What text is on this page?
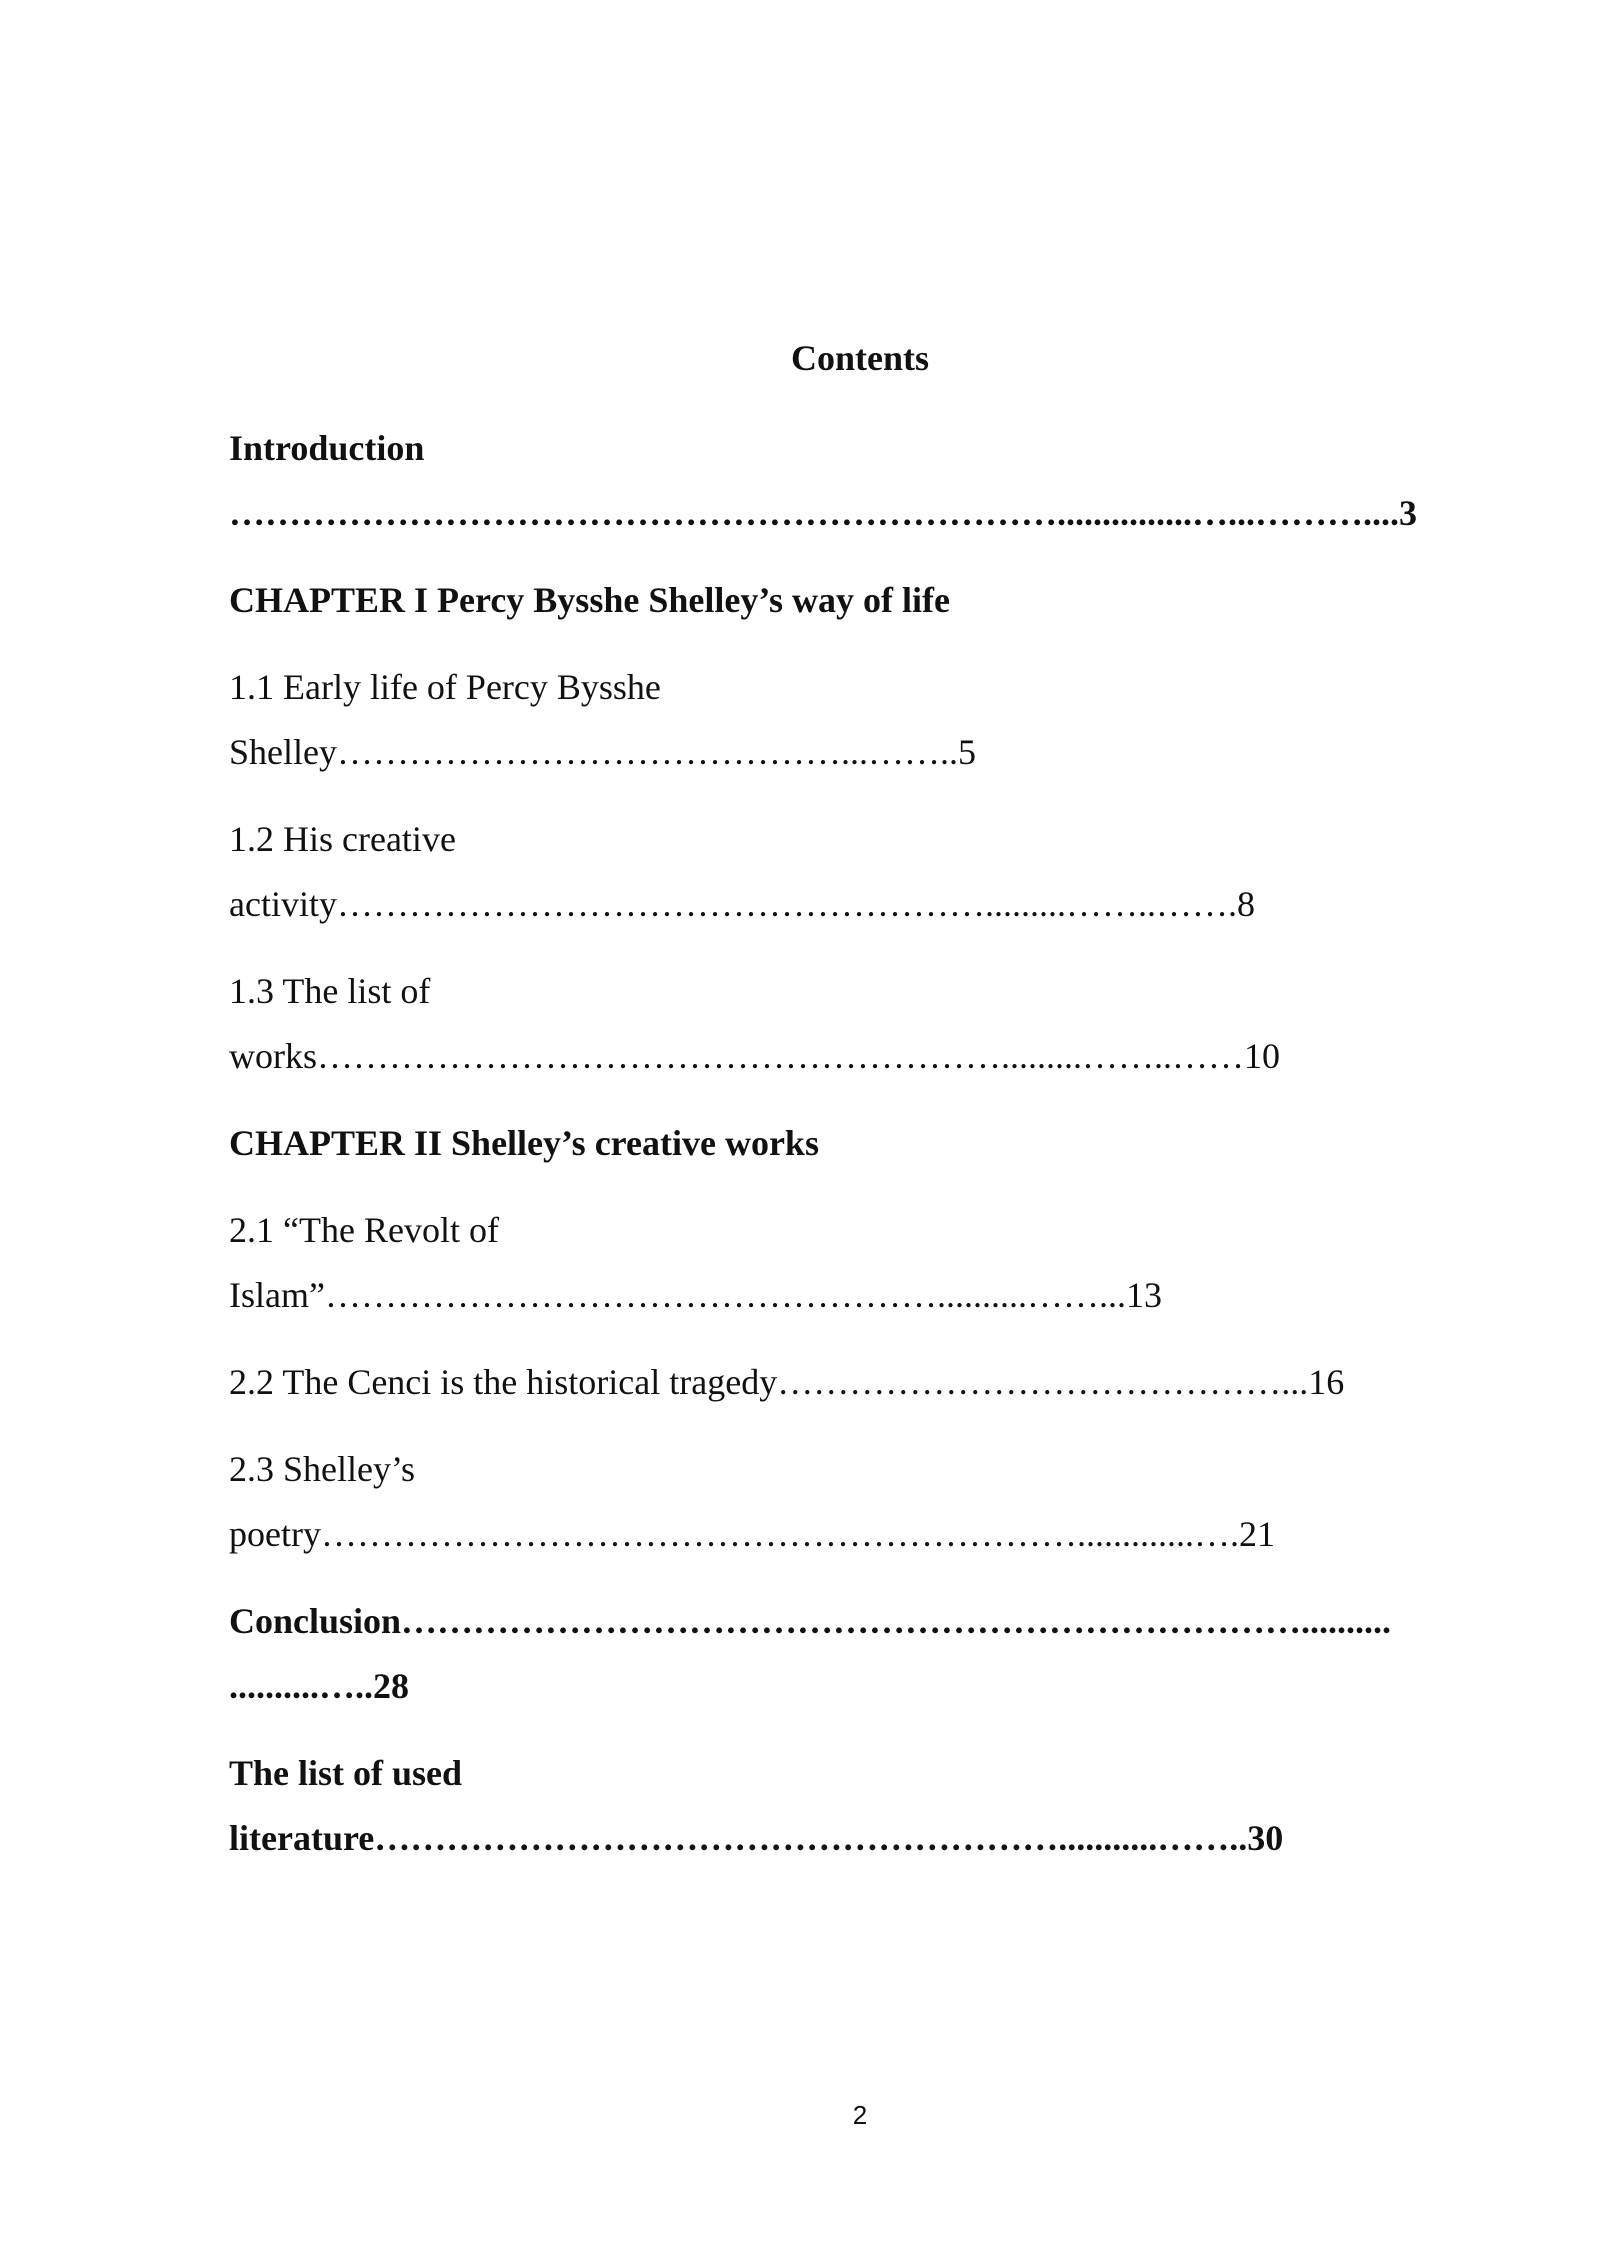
Contents
Introduction
……………………………………………………………...............…...………....3
CHAPTER I Percy Bysshe Shelley’s way of life
1.1 Early life of Percy Bysshe
Shelley……………………………………...……..5
1.2 His creative
activity……………………………………………….........……..…….8
1.3 The list of
works………………………………………………….........……..……10
CHAPTER II Shelley’s creative works
2.1 “The Revolt of
Islam”……………………………………………..........……...13
2.2 The Cenci is the historical tragedy……………………………………...16
2.3 Shelley’s
poetry……………………………………………………….............….21
Conclusion…………………………………………………………………..........
..........…..28
The list of used
literature…………………………………………………...........……..30
2
